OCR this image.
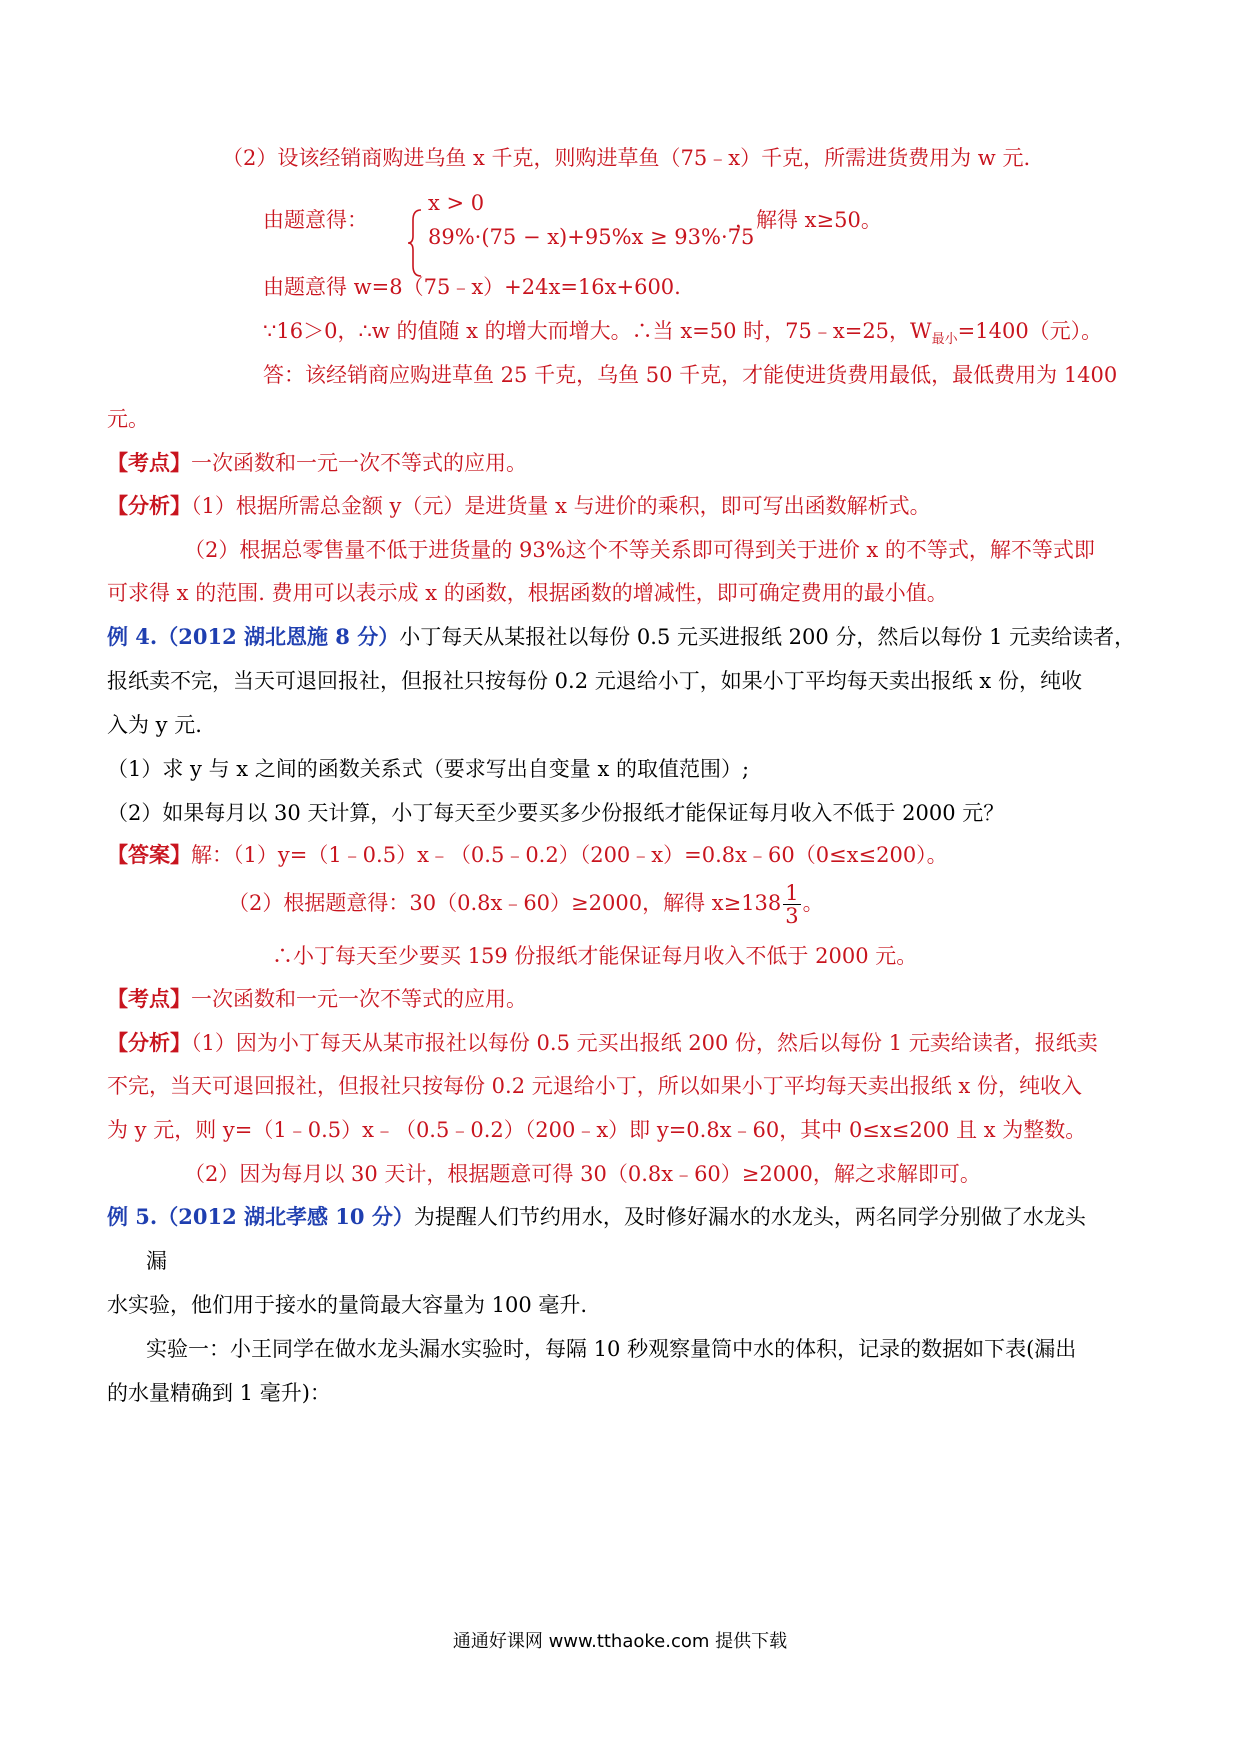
（2）设该经销商购进乌鱼 x 千克，则购进草鱼（75﹣x）千克，所需进货费用为 w 元.
由题意得：
x > 0
89%·(75 − x)+95%x ≥ 93%·75
，解得 x≥50。
由题意得 w=8（75﹣x）+24x=16x+600.
∵16＞0，∴w 的值随 x 的增大而增大。∴当 x=50 时，75﹣x=25，$W_{最小}=1400$（元）。
答：该经销商应购进草鱼 25 千克，乌鱼 50 千克，才能使进货费用最低，最低费用为 1400
元。
【考点】一次函数和一元一次不等式的应用。
【分析】（1）根据所需总金额 y（元）是进货量 x 与进价的乘积，即可写出函数解析式。
（2）根据总零售量不低于进货量的 93%这个不等关系即可得到关于进价 x 的不等式，解不等式即
可求得 x 的范围. 费用可以表示成 x 的函数，根据函数的增减性，即可确定费用的最小值。
例 4.（2012 湖北恩施 8 分）小丁每天从某报社以每份 0.5 元买进报纸 200 分，然后以每份 1 元卖给读者，
报纸卖不完，当天可退回报社，但报社只按每份 0.2 元退给小丁，如果小丁平均每天卖出报纸 x 份，纯收
入为 y 元.
（1）求 y 与 x 之间的函数关系式（要求写出自变量 x 的取值范围）;
（2）如果每月以 30 天计算，小丁每天至少要买多少份报纸才能保证每月收入不低于 2000 元？
【答案】解：（1）y=（1﹣0.5）x﹣（0.5﹣0.2）（200﹣x）=0.8x﹣60（0≤x≤200）。
（2）根据题意得：30（0.8x﹣60）≥2000，解得 $x\ge 138 \frac{1}{3}$ 。
∴小丁每天至少要买 159 份报纸才能保证每月收入不低于 2000 元。
【考点】一次函数和一元一次不等式的应用。
【分析】（1）因为小丁每天从某市报社以每份 0.5 元买出报纸 200 份，然后以每份 1 元卖给读者，报纸卖
不完，当天可退回报社，但报社只按每份 0.2 元退给小丁，所以如果小丁平均每天卖出报纸 x 份，纯收入
为 y 元，则 y=（1﹣0.5）x﹣（0.5﹣0.2）（200﹣x）即 y=0.8x﹣60，其中 0≤x≤200 且 x 为整数。
（2）因为每月以 30 天计，根据题意可得 30（0.8x﹣60）≥2000，解之求解即可。
例 5.（2012 湖北孝感 10 分）为提醒人们节约用水，及时修好漏水的水龙头，两名同学分别做了水龙头
漏
水实验，他们用于接水的量筒最大容量为 100 毫升.
实验一：小王同学在做水龙头漏水实验时，每隔 10 秒观察量筒中水的体积，记录的数据如下表(漏出
的水量精确到 1 毫升)：
通通好课网 www.tthaoke.com 提供下载
